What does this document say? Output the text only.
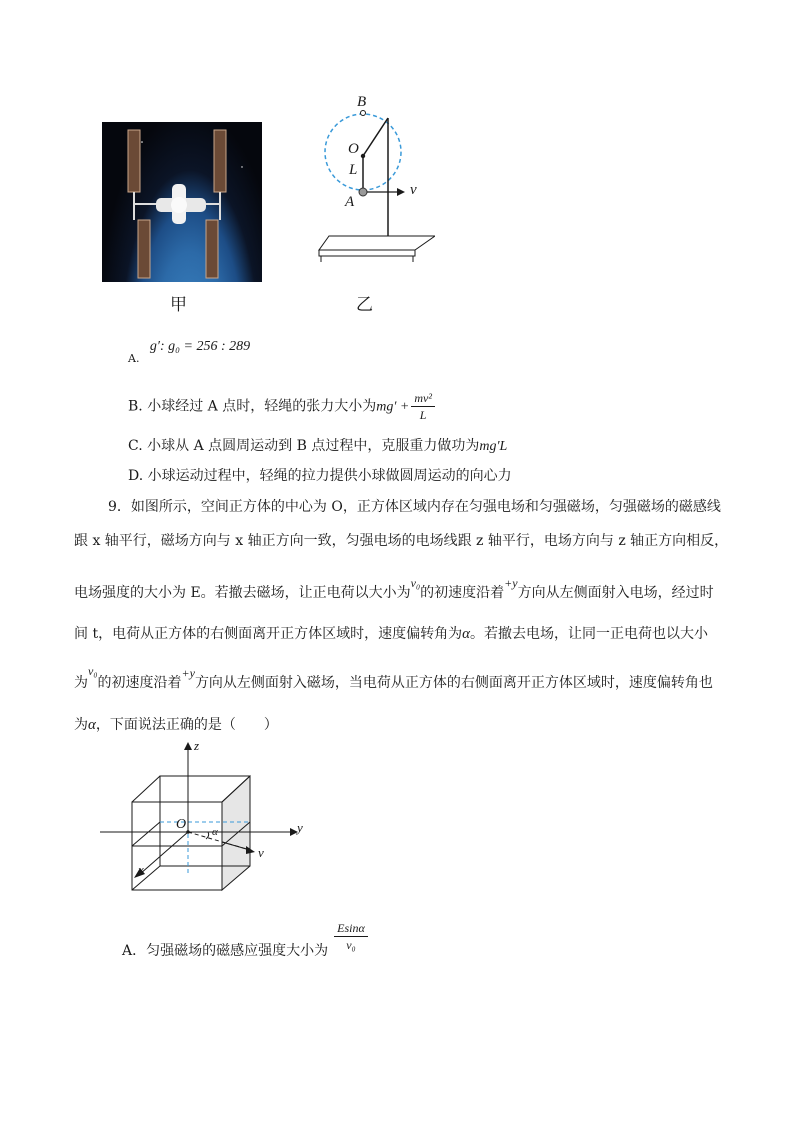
甲
B
O
L
A
v
乙
$_{A.}$ g′: g₀ = 256 : 289
B. 小球经过 A 点时，轻绳的张力大小为$mg' + \frac{\text{mv²}}{L}$
C. 小球从 A 点圆周运动到 B 点过程中，克服重力做功为mg′L
D. 小球运动过程中，轻绳的拉力提供小球做圆周运动的向心力
9．如图所示，空间正方体的中心为 O，正方体区域内存在匀强电场和匀强磁场，匀强磁场的磁感线
跟 x 轴平行，磁场方向与 x 轴正方向一致，匀强电场的电场线跟 z 轴平行，电场方向与 z 轴正方向相反，
电场强度的大小为 E。若撤去磁场，让正电荷以大小为v₀的初速度沿着+y方向从左侧面射入电场，经过时
间 t，电荷从正方体的右侧面离开正方体区域时，速度偏转角为α。若撤去电场，让同一正电荷也以大小
为v₀的初速度沿着+y方向从左侧面射入磁场，当电荷从正方体的右侧面离开正方体区域时，速度偏转角也
为α，下面说法正确的是（　　）
z
y
x
O α
v
A．匀强磁场的磁感应强度大小为 $\frac{Esin\alpha}{\text{v₀}}$
